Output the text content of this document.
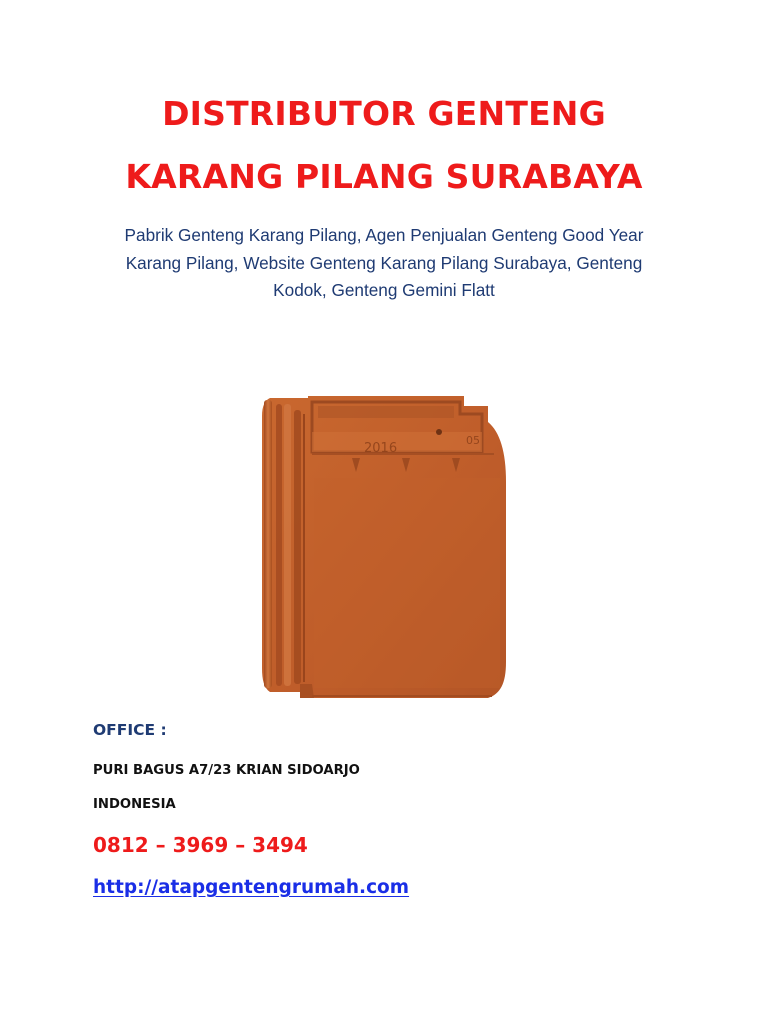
DISTRIBUTOR GENTENG
KARANG PILANG SURABAYA
Pabrik Genteng Karang Pilang, Agen Penjualan Genteng Good Year
Karang Pilang, Website Genteng Karang Pilang Surabaya, Genteng
Kodok, Genteng Gemini Flatt
2016
05
OFFICE :
PURI BAGUS A7/23 KRIAN SIDOARJO
INDONESIA
0812 – 3969 – 3494
http://atapgentengrumah.com
